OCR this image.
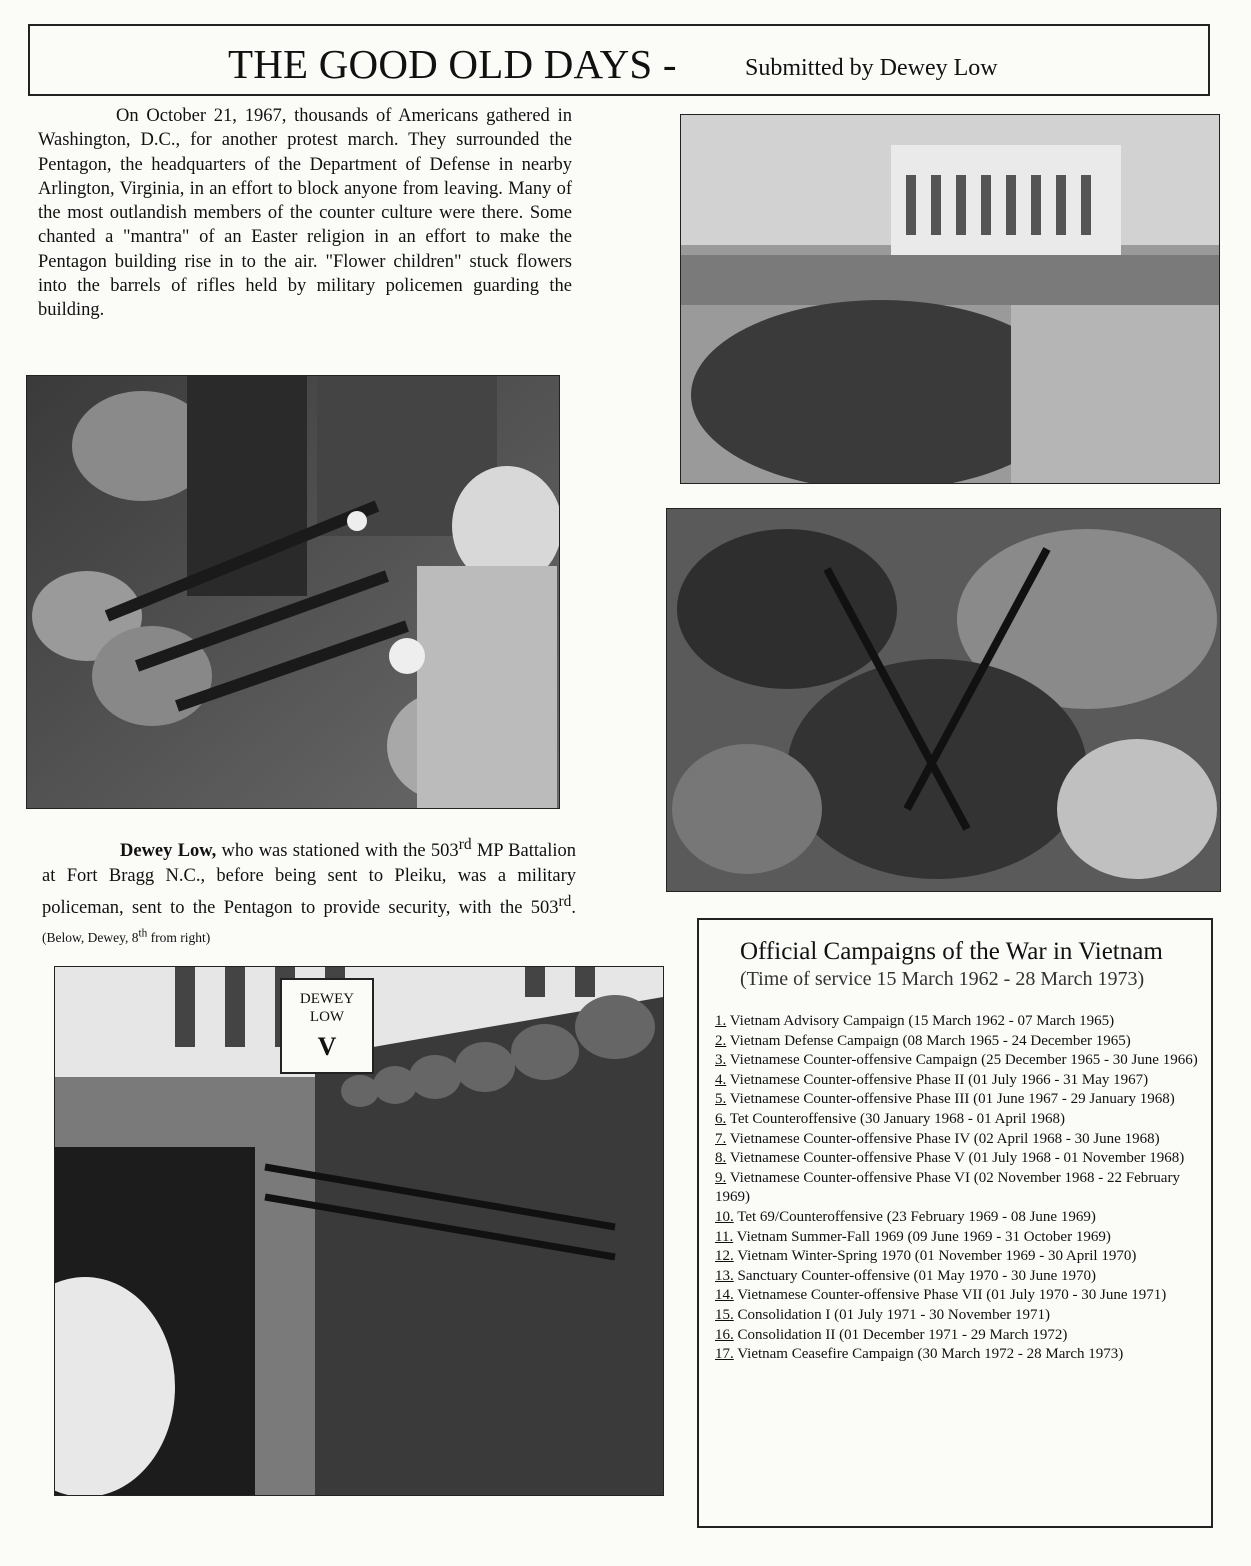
THE GOOD OLD DAYS -	Submitted by Dewey Low

On October 21, 1967, thousands of Americans gathered in Washington, D.C., for another protest march. They surrounded the Pentagon, the headquarters of the Department of Defense in nearby Arlington, Virginia, in an effort to block anyone from leaving. Many of the most outlandish members of the counter culture were there. Some chanted a "mantra" of an Easter religion in an effort to make the Pentagon building rise in to the air. "Flower children" stuck flowers into the barrels of rifles held by military policemen guarding the building.

Dewey Low, who was stationed with the 503rd MP Battalion at Fort Bragg N.C., before being sent to Pleiku, was a military policeman, sent to the Pentagon to provide security, with the 503rd. (Below, Dewey, 8th from right)

DEWEY
LOW
V
Official Campaigns of the War in Vietnam
(Time of service 15 March 1962 - 28 March 1973)
1. Vietnam Advisory Campaign (15 March 1962 - 07 March 1965)
2. Vietnam Defense Campaign (08 March 1965 - 24 December 1965)
3. Vietnamese Counter-offensive Campaign (25 December 1965 - 30 June 1966)
4. Vietnamese Counter-offensive Phase II (01 July 1966 - 31 May 1967)
5. Vietnamese Counter-offensive Phase III (01 June 1967 - 29 January 1968)
6. Tet Counteroffensive (30 January 1968 - 01 April 1968)
7. Vietnamese Counter-offensive Phase IV (02 April 1968 - 30 June 1968)
8. Vietnamese Counter-offensive Phase V (01 July 1968 - 01 November 1968)
9. Vietnamese Counter-offensive Phase VI (02 November 1968 - 22 February 1969)
10. Tet 69/Counteroffensive (23 February 1969 - 08 June 1969)
11. Vietnam Summer-Fall 1969 (09 June 1969 - 31 October 1969)
12. Vietnam Winter-Spring 1970 (01 November 1969 - 30 April 1970)
13. Sanctuary Counter-offensive (01 May 1970 - 30 June 1970)
14. Vietnamese Counter-offensive Phase VII (01 July 1970 - 30 June 1971)
15. Consolidation I (01 July 1971 - 30 November 1971)
16. Consolidation II (01 December 1971 - 29 March 1972)
17. Vietnam Ceasefire Campaign (30 March 1972 - 28 March 1973)
